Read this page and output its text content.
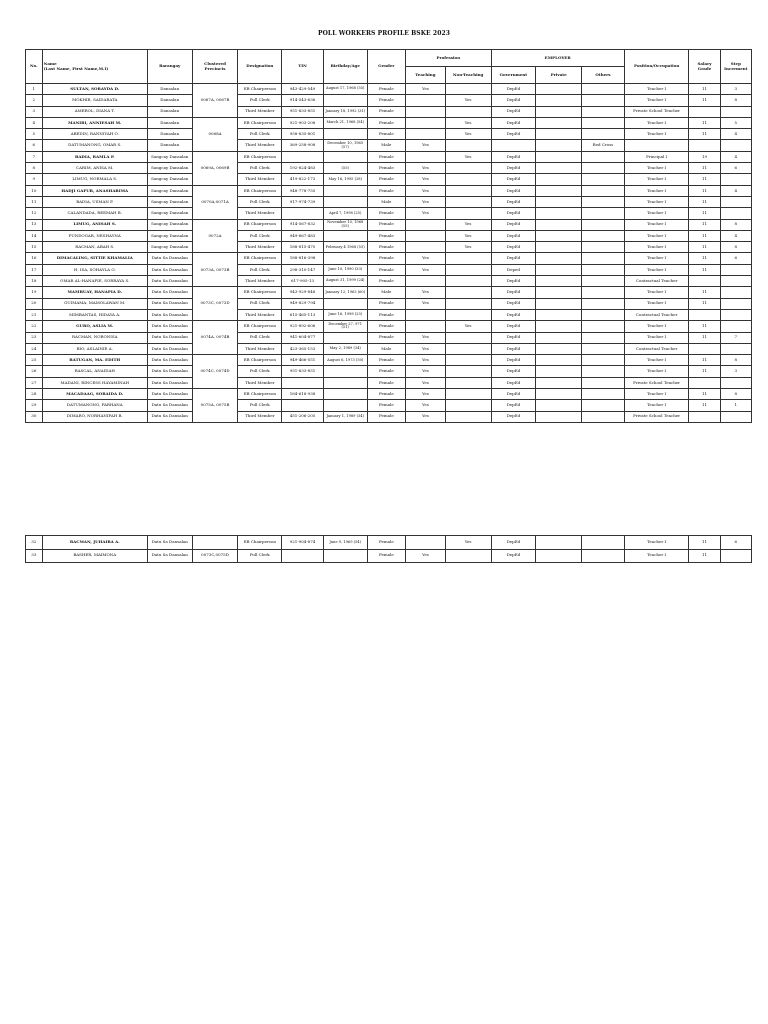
POLL WORKERS PROFILE BSKE 2023
No.	Name
(Last Name, First Name,M.I)	Barangay	Clustered Precincts	Designation	TIN	Birthday/Age	Gender	Profession		EMPLOYER			Position/Occupation	Salary Grade	Step Increment
								Teaching	Non-Teaching	Government	Private	Others			
1	SULTAN, SORAYDA D.	Dansalan	0067A, 0067B	EB Chairperson	943-429-549	August 17, 1968 (55)	Female	Yes		DepEd			Teacher I	11	3
2	MOKHIR, SAIDARATA	Dansalan		Poll Clerk	914-543-636		Female		Yes	DepEd			Teacher I	11	8
3	AMEROL, DIANA T.	Dansalan		Third Member	951-833-851	January 18, 1992 (31)	Female			DepEd			Private School Teacher		
4	MANIRI, ANNIESAH M.	Dansalan	0068A	EB Chairperson	921-903-208	March 21, 1968 (54)	Female		Yes	DepEd			Teacher I	11	5
5	ABEDIN, RANNIYAH O.	Dansalan		Poll Clerk	958-835-801		Female		Yes	DepEd			Teacher I	11	4
6	DATUMANONG, OMAR S.	Dansalan		Third Member	369-258-908	December 10, 1965 (57)	Male	Yes				Red Cross			
7	BADIA, RAMLA P.	Sangcay Dansalan	0069A, 0069B	EB Chairperson			Female		Yes	DepEd			Principal I	19	4
8	CARIM, ANISA M.	Sangcay Dansalan		Poll Clerk	192-824-483	(55)	Female	Yes		DepEd			Teacher I	11	6
9	LIMUG, NORMALA S.	Sangcay Dansalan		Third Member	419-822-173	May 16, 1995 (28)	Female	Yes		DepEd			Teacher I	11	
10	HADJI GAFUR, ANASHARIMA	Sangcay Dansalan	0070A,0071A	EB Chairperson	948-778-755		Female	Yes		DepEd			Teacher I	11	4
11	BADIA, USMAN P.	Sangcay Dansalan		Poll Clerk	917-974-739		Male	Yes		DepEd			Teacher I	11	
12	CALANDADA, REEMAH B.	Sangcay Dansalan		Third Member		April 7, 1998 (25)	Female	Yes		DepEd			Teacher I	11	
13	LIMUG, ANISAH S.	Sangcay Dansalan	0072A	EB Chairperson	914-567-832	November 10, 1968 (55)	Female		Yes	DepEd			Teacher I	11	8
14	PUNDOGAR, NESHAYNA	Sangcay Dansalan		Poll Clerk	949-667-483		Female		Yes	DepEd			Teacher I	11	4
15	RACMAN, ABAH S.	Sangcay Dansalan		Third Member	188-815-475	February 4 1968 (55)	Female		Yes	DepEd			Teacher I	11	8
16	DIMACALING, SITTIE KHAMALIA	Datu Sa Dansalan	0073A, 0073B	EB Chairperson	188-816-398		Female	Yes		DepEd			Teacher I	11	6
17	H. ISA, SOHAYLA O.	Datu Sa Dansalan		Poll Clerk	298-310-147	June 10, 1990 (33)	Female	Yes		Deped			Teacher I	11	
18	OMAR AL-HANAFIE, SORRAYA S.	Datu Sa Dansalan		Third Member	617-905-13	August 31, 1999 (24)	Female			DepEd			Contractual Teacher		
19	MAMBUAY, HANAPIA D.	Datu Sa Dansalan	0073C, 0073D	EB Chairperson	943-929-848	January 12, 1963 (60)	Male	Yes		DepEd			Teacher I	11	
20	GUIMAMA, MAMOLAWAN M.	Datu Sa Dansalan		Poll Clerk	949-829-794		Female	Yes		DepEd			Teacher I	11	
21	MIMBANTAS, HIDAYA A.	Datu Sa Dansalan		Third Member	615-465-113	June 16, 1998 (25)	Female			DepEd			Contractual Teacher		
22	GURO, ASLIA M.	Datu Sa Dansalan	0074A, 0074B	EB Chairperson	921-892-606	December 27, 971 (51)	Female		Yes	DepEd			Teacher I	11	
23	RACMAN, NORONISA	Datu Sa Dansalan		Poll Clerk	941-604-877		Female	Yes		DepEd			Teacher I	11	7
24	BIO, ASLAINIE A.	Datu Sa Dansalan		Third Member	423-365-153	May 2, 1989 (34)	Male	Yes		DepEd			Contractual Teacher		
25	BATUGAN, MA. EDITH	Datu Sa Dansalan	0074C, 0074D	EB Chairperson	949-466-551	August 6, 1973 (50)	Female	Yes		DepEd			Teacher I	11	8
26	RASCAL, ANAIDAH	Datu Sa Dansalan		Poll Clerk	951-833-851		Female	Yes		DepEd			Teacher I	11	3
27	MADANI, RINCESS HAYAMINAH	Datu Sa Dansalan		Third Member			Female	Yes		DepEd			Private School Teacher		
28	MACADAAG, SORAIDA D.	Datu Sa Dansalan	0075A, 0075B	EB Chairperson	164-618-938		Female	Yes		DepEd			Teacher I	11	8
29	DATUMANONG, FARHANA	Datu Sa Dansalan		Poll Clerk			Female	Yes		DepEd			Teacher I	11	1
30	DIMARO, NORHANIFAH B.	Datu Sa Dansalan		Third Member	451-206-205	January 1, 1989 (34)	Female	Yes		DepEd			Private School Teacher		
32	RACMAN, JUHAIRA A.	Datu Sa Dansalan		EB Chairperson	921-904-874	June 9, 1969 (54)	Female		Yes	DepEd			Teacher I	11	6
33	BASHER, MAIMONA	Datu Sa Dansalan	0073C,0075D	Poll Clerk			Female	Yes		DepEd			Teacher I	11	
